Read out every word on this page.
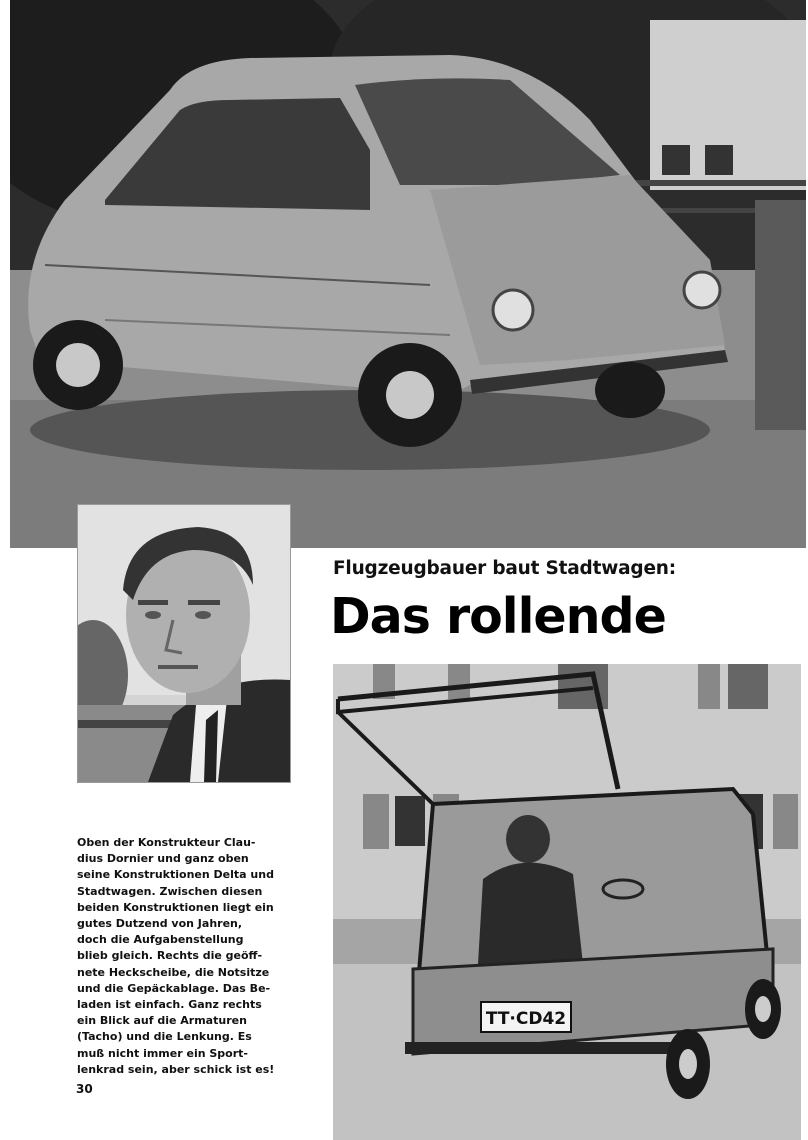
Flugzeugbauer baut Stadtwagen:
Das rollende
TT·CD42
Oben der Konstrukteur Clau-
dius Dornier und ganz oben
seine Konstruktionen Delta und
Stadtwagen. Zwischen diesen
beiden Konstruktionen liegt ein
gutes Dutzend von Jahren,
doch die Aufgabenstellung
blieb gleich. Rechts die geöff-
nete Heckscheibe, die Notsitze
und die Gepäckablage. Das Be-
laden ist einfach. Ganz rechts
ein Blick auf die Armaturen
(Tacho) und die Lenkung. Es
muß nicht immer ein Sport-
lenkrad sein, aber schick ist es!
30
